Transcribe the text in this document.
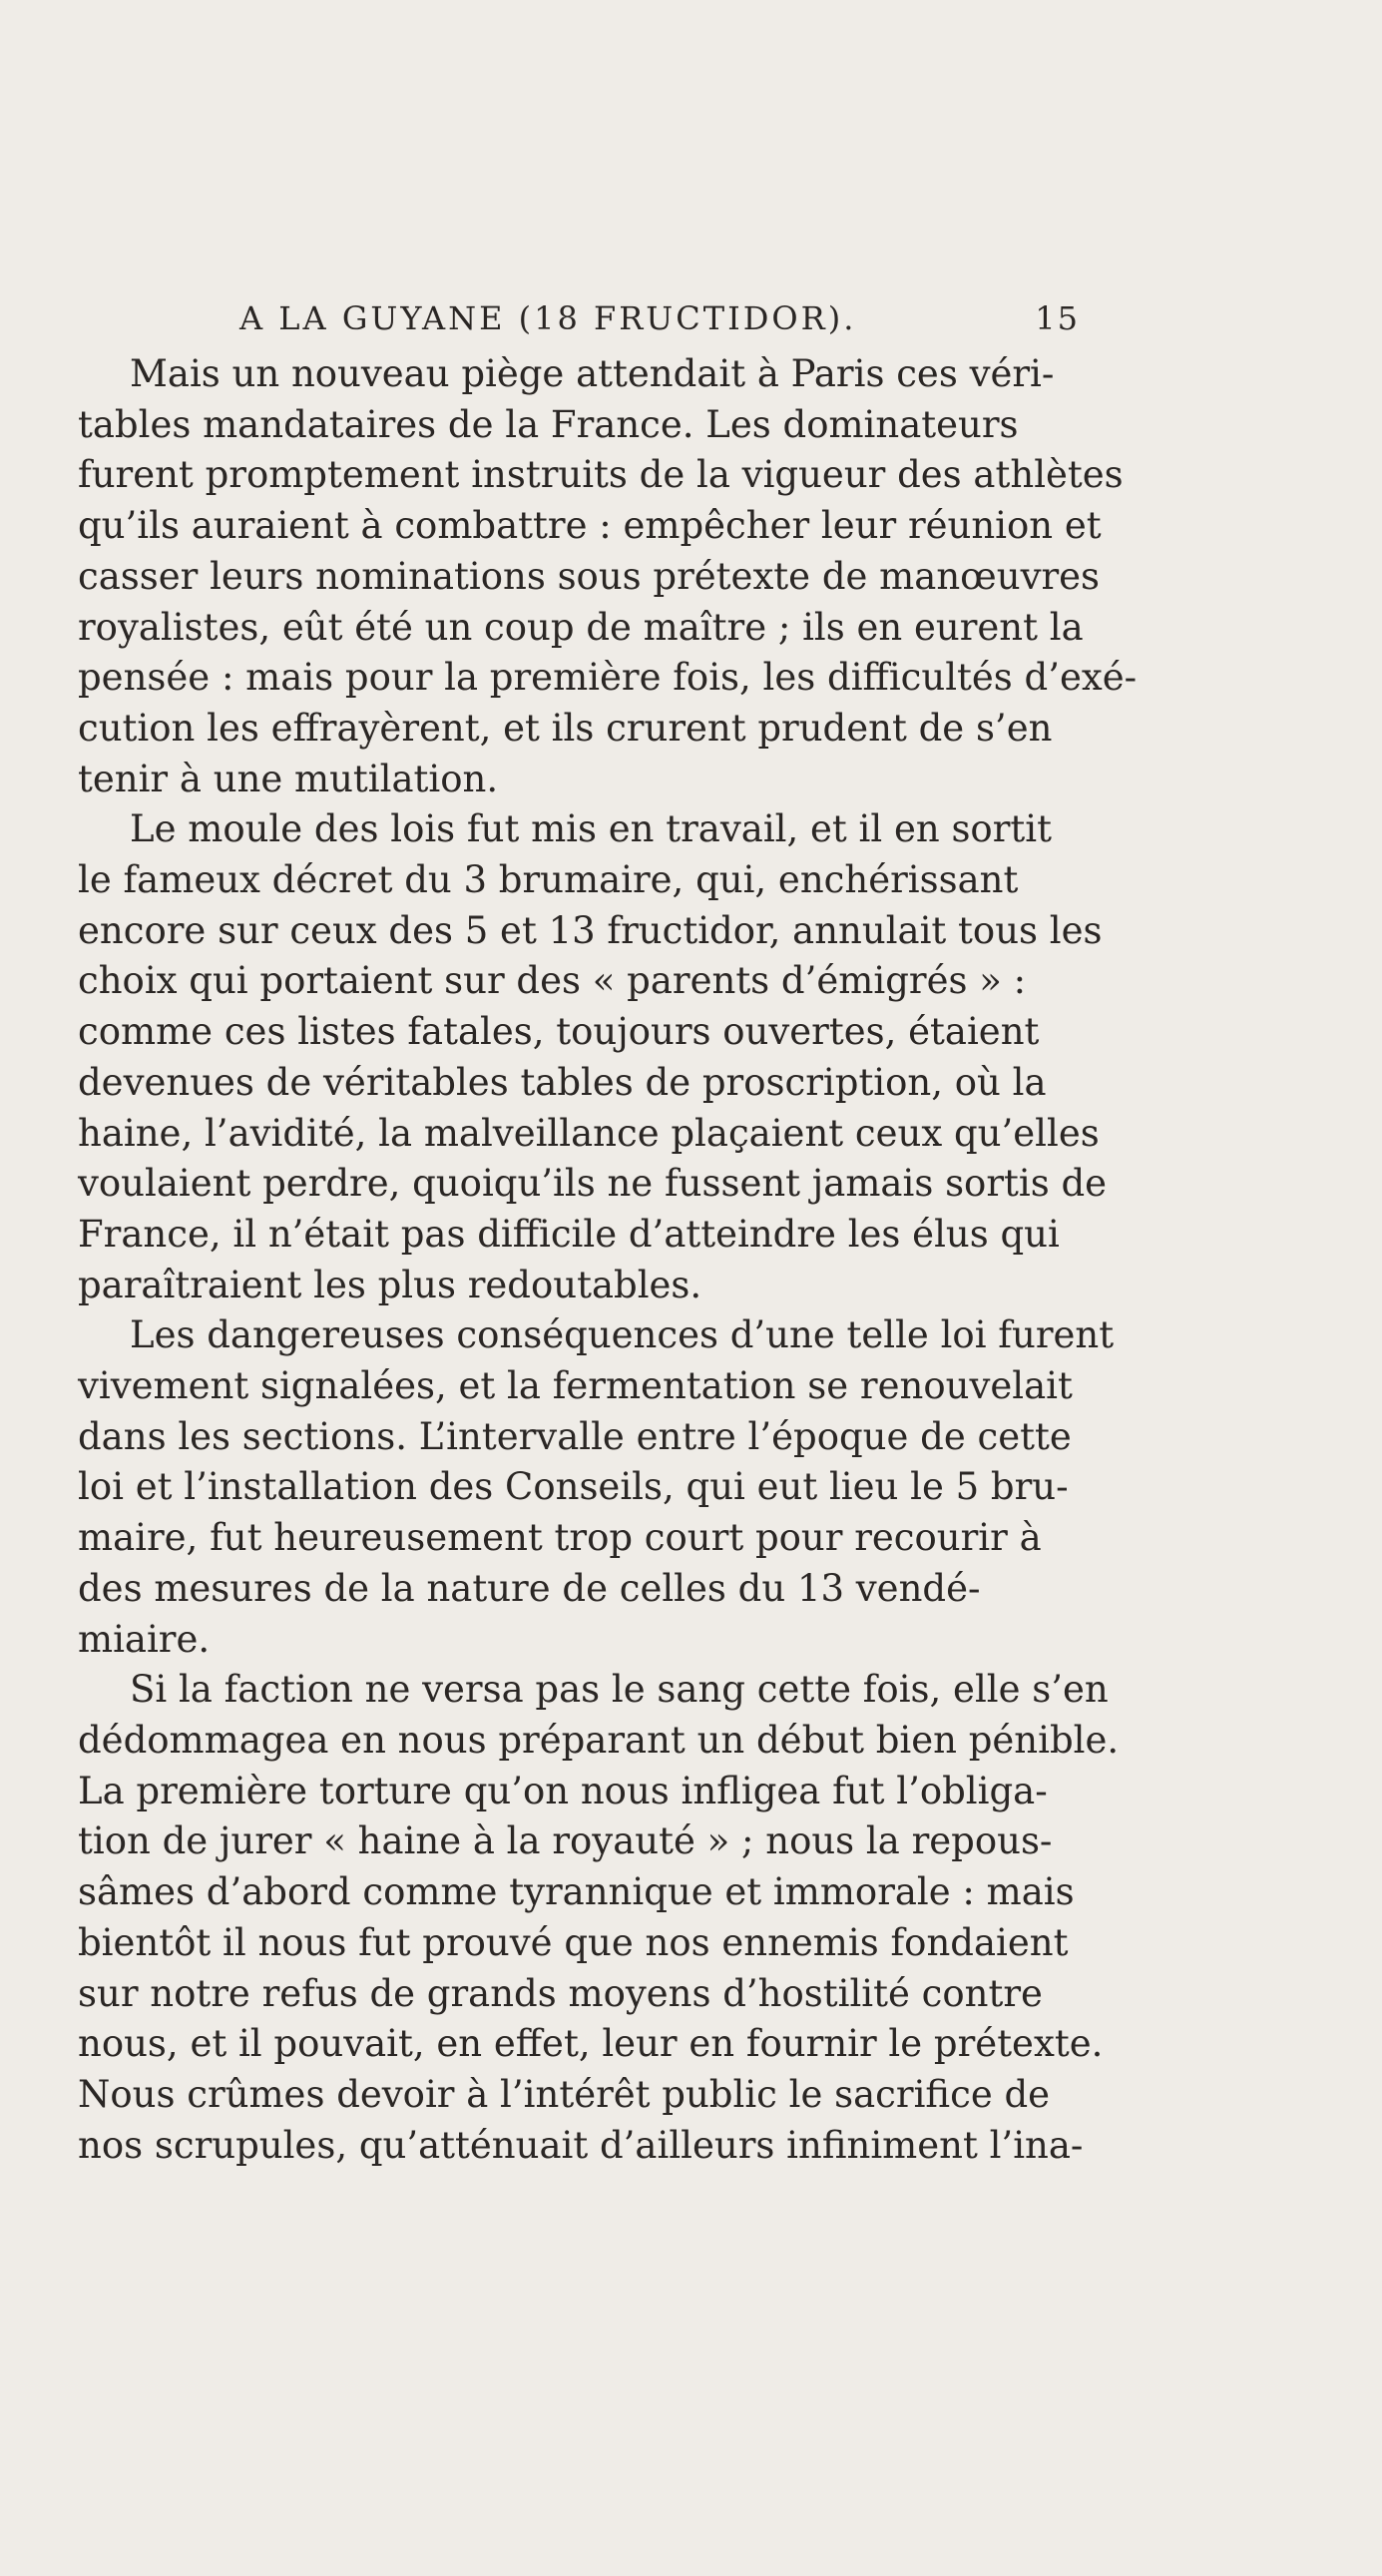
A LA GUYANE (18 FRUCTIDOR).	15
Mais un nouveau piège attendait à Paris ces véri-
tables mandataires de la France. Les dominateurs
furent promptement instruits de la vigueur des athlètes
qu’ils auraient à combattre : empêcher leur réunion et
casser leurs nominations sous prétexte de manœuvres
royalistes, eût été un coup de maître ; ils en eurent la
pensée : mais pour la première fois, les difficultés d’exé-
cution les effrayèrent, et ils crurent prudent de s’en
tenir à une mutilation.
Le moule des lois fut mis en travail, et il en sortit
le fameux décret du 3 brumaire, qui, enchérissant
encore sur ceux des 5 et 13 fructidor, annulait tous les
choix qui portaient sur des « parents d’émigrés » :
comme ces listes fatales, toujours ouvertes, étaient
devenues de véritables tables de proscription, où la
haine, l’avidité, la malveillance plaçaient ceux qu’elles
voulaient perdre, quoiqu’ils ne fussent jamais sortis de
France, il n’était pas difficile d’atteindre les élus qui
paraîtraient les plus redoutables.
Les dangereuses conséquences d’une telle loi furent
vivement signalées, et la fermentation se renouvelait
dans les sections. L’intervalle entre l’époque de cette
loi et l’installation des Conseils, qui eut lieu le 5 bru-
maire, fut heureusement trop court pour recourir à
des mesures de la nature de celles du 13 vendé-
miaire.
Si la faction ne versa pas le sang cette fois, elle s’en
dédommagea en nous préparant un début bien pénible.
La première torture qu’on nous infligea fut l’obliga-
tion de jurer « haine à la royauté » ; nous la repous-
sâmes d’abord comme tyrannique et immorale : mais
bientôt il nous fut prouvé que nos ennemis fondaient
sur notre refus de grands moyens d’hostilité contre
nous, et il pouvait, en effet, leur en fournir le prétexte.
Nous crûmes devoir à l’intérêt public le sacrifice de
nos scrupules, qu’atténuait d’ailleurs infiniment l’ina-
